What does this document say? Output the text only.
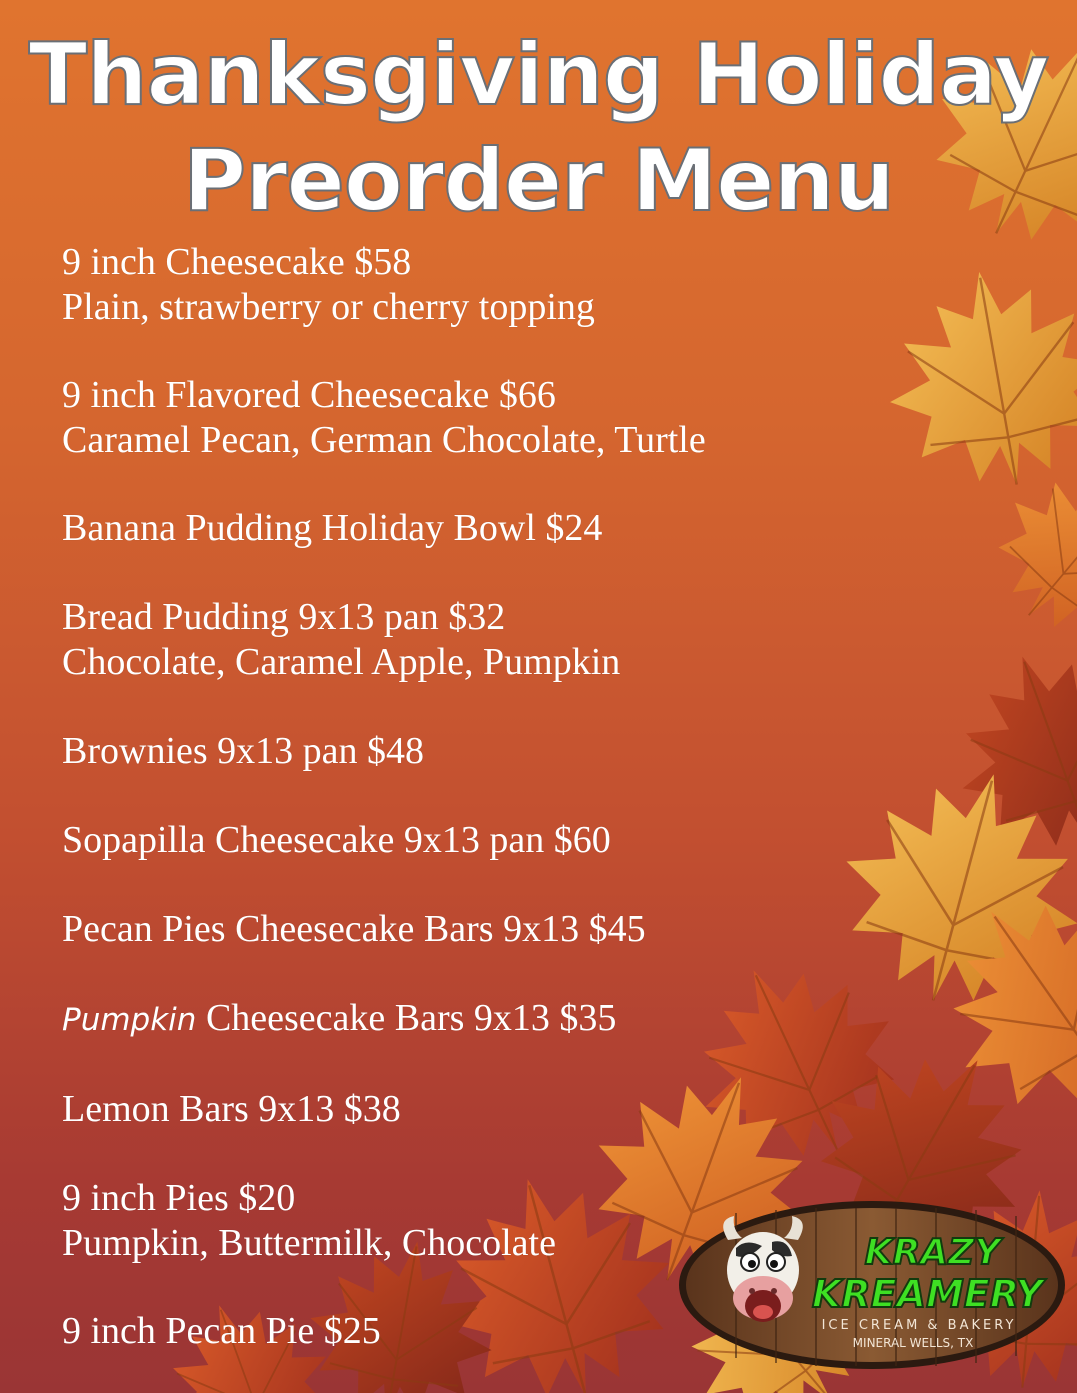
Thanksgiving Holiday
Preorder Menu
9 inch Cheesecake $58
Plain, strawberry or cherry topping
9 inch Flavored Cheesecake $66
Caramel Pecan, German Chocolate, Turtle
Banana Pudding Holiday Bowl $24
Bread Pudding 9x13 pan $32
Chocolate, Caramel Apple, Pumpkin
Brownies 9x13 pan $48
Sopapilla Cheesecake 9x13 pan $60
Pecan Pies Cheesecake Bars 9x13 $45
Pumpkin Cheesecake Bars 9x13 $35
Lemon Bars 9x13 $38
9 inch Pies $20
Pumpkin, Buttermilk, Chocolate
9 inch Pecan Pie $25
KRAZY
KREAMERY
ICE CREAM & BAKERY
MINERAL WELLS, TX
